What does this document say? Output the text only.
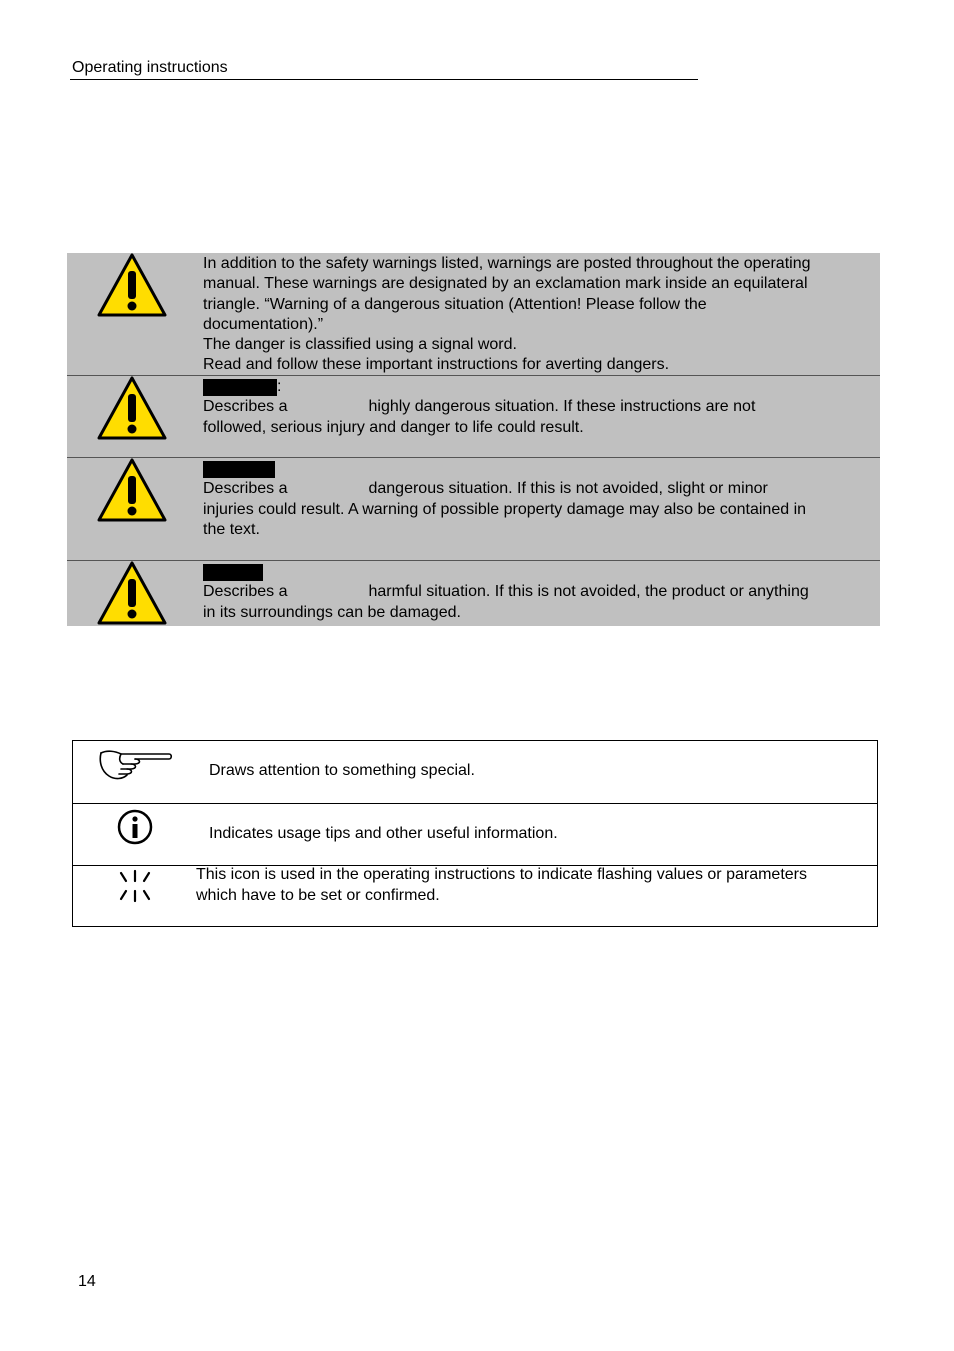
Operating instructions
In addition to the safety warnings listed, warnings are posted throughout the operating
manual. These warnings are designated by an exclamation mark inside an equilateral
triangle. “Warning of a dangerous situation (Attention! Please follow the
documentation).”
The danger is classified using a signal word.
Read and follow these important instructions for averting dangers.
:
Describes a	highly dangerous situation. If these instructions are not
followed, serious injury and danger to life could result.
Describes a	dangerous situation. If this is not avoided, slight or minor
injuries could result. A warning of possible property damage may also be contained in
the text.
Describes a	harmful situation. If this is not avoided, the product or anything
in its surroundings can be damaged.
Draws attention to something special.
Indicates usage tips and other useful information.
This icon is used in the operating instructions to indicate flashing values or parameters
which have to be set or confirmed.
14
